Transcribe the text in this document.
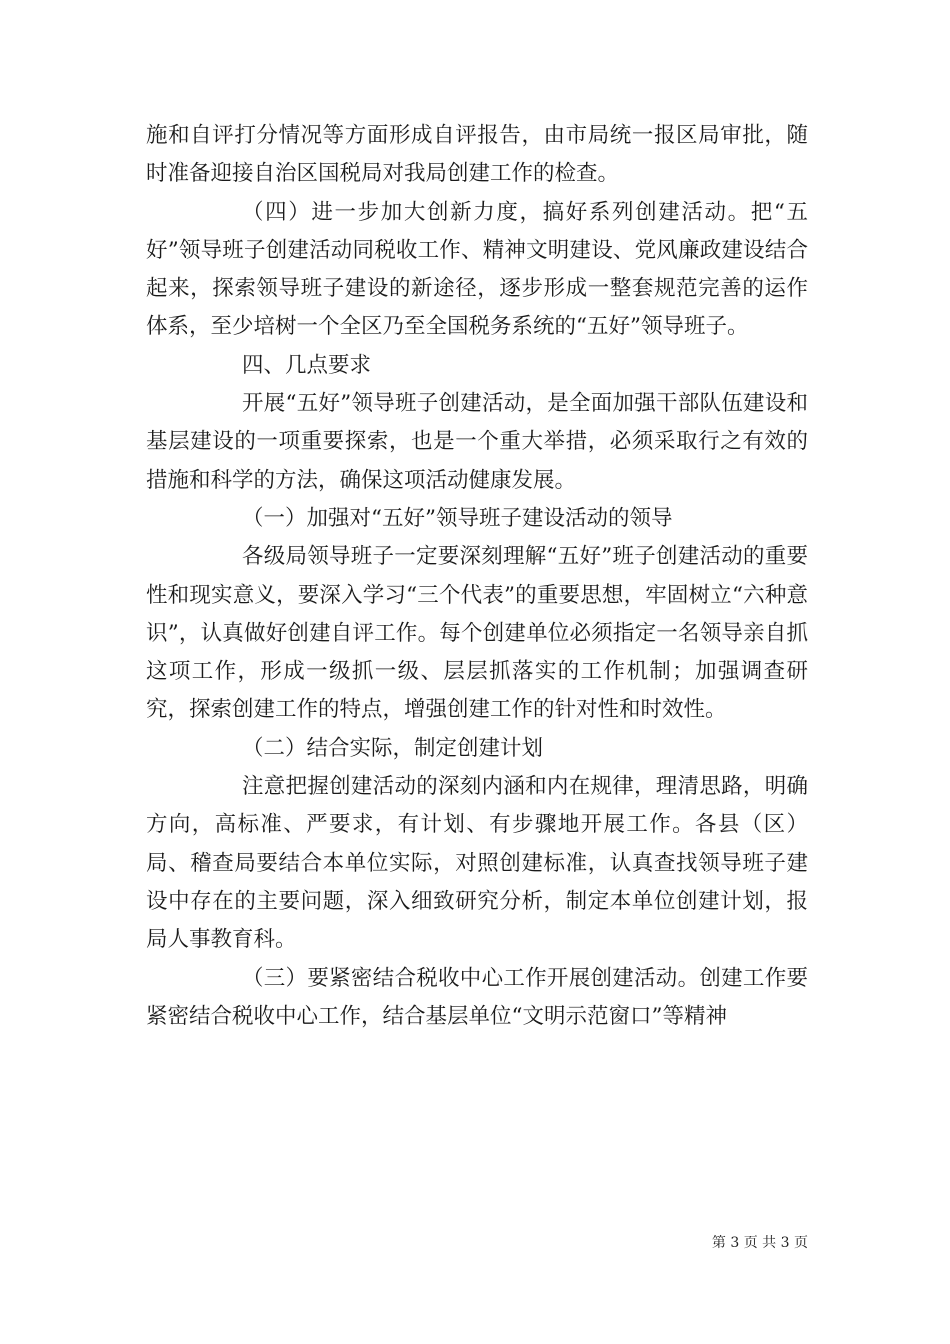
施和自评打分情况等方面形成自评报告，由市局统一报区局审批，随时准备迎接自治区国税局对我局创建工作的检查。

（四）进一步加大创新力度，搞好系列创建活动。把“五好”领导班子创建活动同税收工作、精神文明建设、党风廉政建设结合起来，探索领导班子建设的新途径，逐步形成一整套规范完善的运作体系，至少培树一个全区乃至全国税务系统的“五好”领导班子。

四、几点要求

开展“五好”领导班子创建活动，是全面加强干部队伍建设和基层建设的一项重要探索，也是一个重大举措，必须采取行之有效的措施和科学的方法，确保这项活动健康发展。

（一）加强对“五好”领导班子建设活动的领导

各级局领导班子一定要深刻理解“五好”班子创建活动的重要性和现实意义，要深入学习“三个代表”的重要思想，牢固树立“六种意识”，认真做好创建自评工作。每个创建单位必须指定一名领导亲自抓这项工作，形成一级抓一级、层层抓落实的工作机制；加强调查研究，探索创建工作的特点，增强创建工作的针对性和时效性。

（二）结合实际，制定创建计划

注意把握创建活动的深刻内涵和内在规律，理清思路，明确方向，高标准、严要求，有计划、有步骤地开展工作。各县（区）局、稽查局要结合本单位实际，对照创建标准，认真查找领导班子建设中存在的主要问题，深入细致研究分析，制定本单位创建计划，报局人事教育科。

（三）要紧密结合税收中心工作开展创建活动。创建工作要紧密结合税收中心工作，结合基层单位“文明示范窗口”等精神

第 3 页 共 3 页
